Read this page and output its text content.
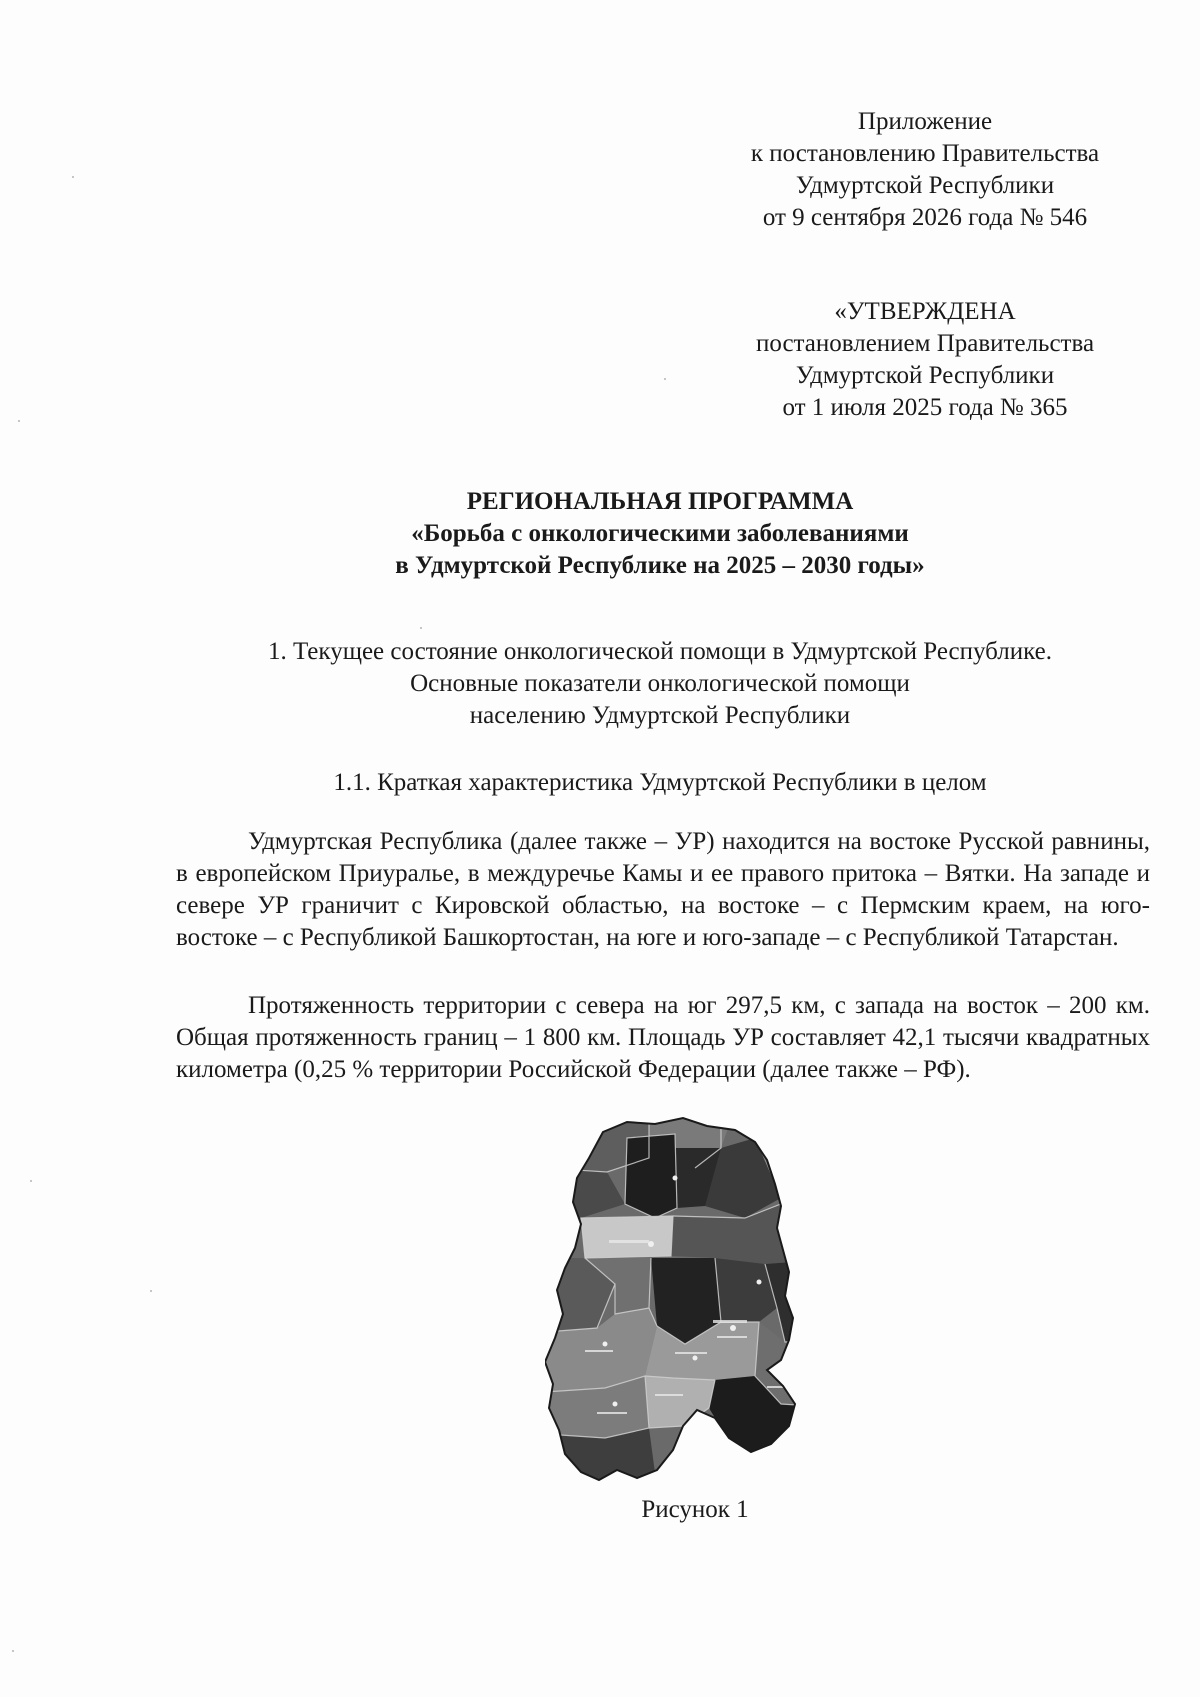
Приложение
к постановлению Правительства
Удмуртской Республики
от 9 сентября 2026 года № 546
«УТВЕРЖДЕНА
постановлением Правительства
Удмуртской Республики
от 1 июля 2025 года № 365
РЕГИОНАЛЬНАЯ ПРОГРАММА
«Борьба с онкологическими заболеваниями
в Удмуртской Республике на 2025 – 2030 годы»
1. Текущее состояние онкологической помощи в Удмуртской Республике.
Основные показатели онкологической помощи
населению Удмуртской Республики
1.1. Краткая характеристика Удмуртской Республики в целом

Удмуртская Республика (далее также – УР) находится на востоке Русской равнины, в европейском Приуралье, в междуречье Камы и ее правого притока – Вятки. На западе и севере УР граничит с Кировской областью, на востоке – с Пермским краем, на юго-востоке – с Республикой Башкортостан, на юге и юго-западе – с Республикой Татарстан.

Протяженность территории с севера на юг 297,5 км, с запада на восток – 200 км. Общая протяженность границ – 1 800 км. Площадь УР составляет 42,1 тысячи квадратных километра (0,25 % территории Российской Федерации (далее также – РФ).

Рисунок 1
